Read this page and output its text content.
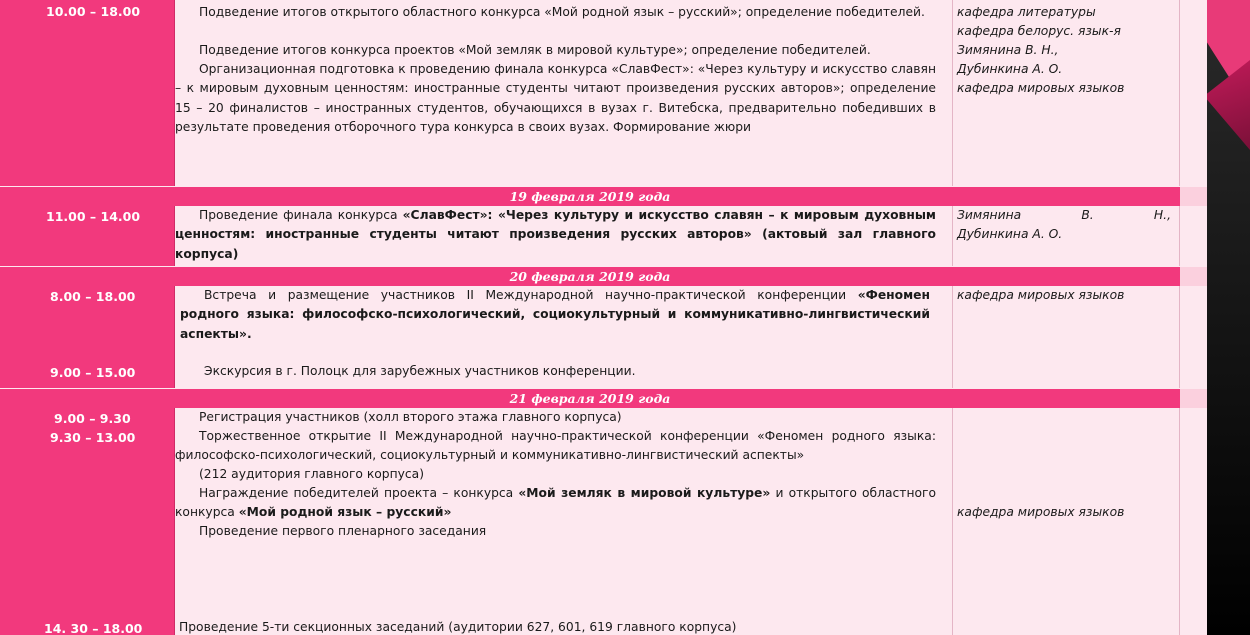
10.00 – 18.00	Подведение итогов открытого областного конкурса «Мой родной язык – русский»; определение победителей.
Подведение итогов конкурса проектов «Мой земляк в мировой культуре»; определение победителей.
Организационная подготовка к проведению финала конкурса «СлавФест»: «Через культуру и искусство славян – к мировым духовным ценностям: иностранные студенты читают произведения русских авторов»; определение 15 – 20 финалистов – иностранных студентов, обучающихся в вузах г. Витебска, предварительно победивших в результате проведения отборочного тура конкурса в своих вузах. Формирование жюри
кафедра литературы
кафедра белорус. язык-я
Зимянина В. Н.,
Дубинкина А. О.
кафедра мировых языков
19 февраля 2019 года
11.00 – 14.00	Проведение финала конкурса «СлавФест»: «Через культуру и искусство славян – к мировым духовным ценностям: иностранные студенты читают произведения русских авторов» (актовый зал главного корпуса)
Зимянина В. Н.,
Дубинкина А. О.
20 февраля 2019 года
8.00 – 18.00
9.00 – 15.00
Встреча и размещение участников II Международной научно-практической конференции «Феномен родного языка: философско-психологический, социокультурный и коммуникативно-лингвистический аспекты».
Экскурсия в г. Полоцк для зарубежных участников конференции.
кафедра мировых языков
21 февраля 2019 года
9.00 – 9.30
9.30 – 13.00
14. 30 – 18.00
Регистрация участников (холл второго этажа главного корпуса)
Торжественное открытие II Международной научно-практической конференции «Феномен родного языка: философско-психологический, социокультурный и коммуникативно-лингвистический аспекты»
(212 аудитория главного корпуса)
Награждение победителей проекта – конкурса «Мой земляк в мировой культуре» и открытого областного конкурса «Мой родной язык – русский»
Проведение первого пленарного заседания
Проведение 5-ти секционных заседаний (аудитории 627, 601, 619 главного корпуса)
кафедра мировых языков
